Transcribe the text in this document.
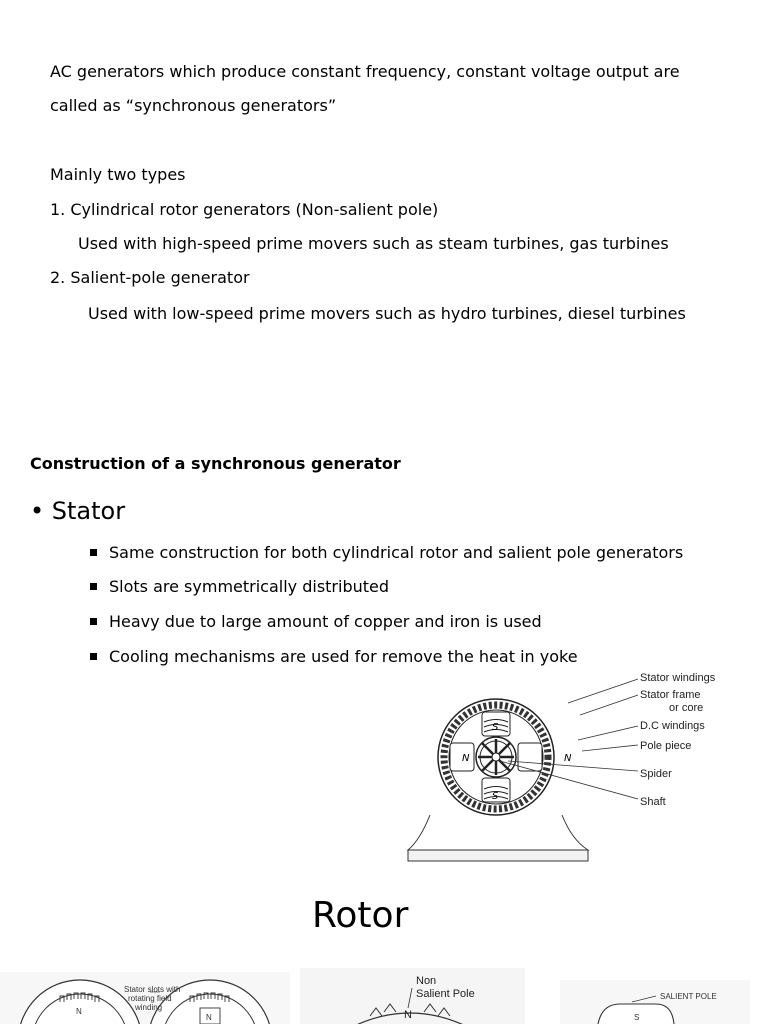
AC generators which produce constant frequency, constant voltage output are
called as “synchronous generators”
Mainly two types
1. Cylindrical rotor generators (Non-salient pole)
Used with high-speed prime movers such as steam turbines, gas turbines
2. Salient-pole generator
Used with low-speed prime movers such as hydro turbines, diesel turbines
Construction of a synchronous generator
• Stator
Same construction for both cylindrical rotor and salient pole generators
Slots are symmetrically distributed
Heavy due to large amount of copper and iron is used
Cooling mechanisms are used for remove the heat in yoke
S
S
N	N
Stator windings
Stator frame
or core
D.C windings
Pole piece
Spider
Shaft
Rotor
N
N
Stator slots with
rotating field
winding
Non
Salient Pole
N
SALIENT POLE
S
